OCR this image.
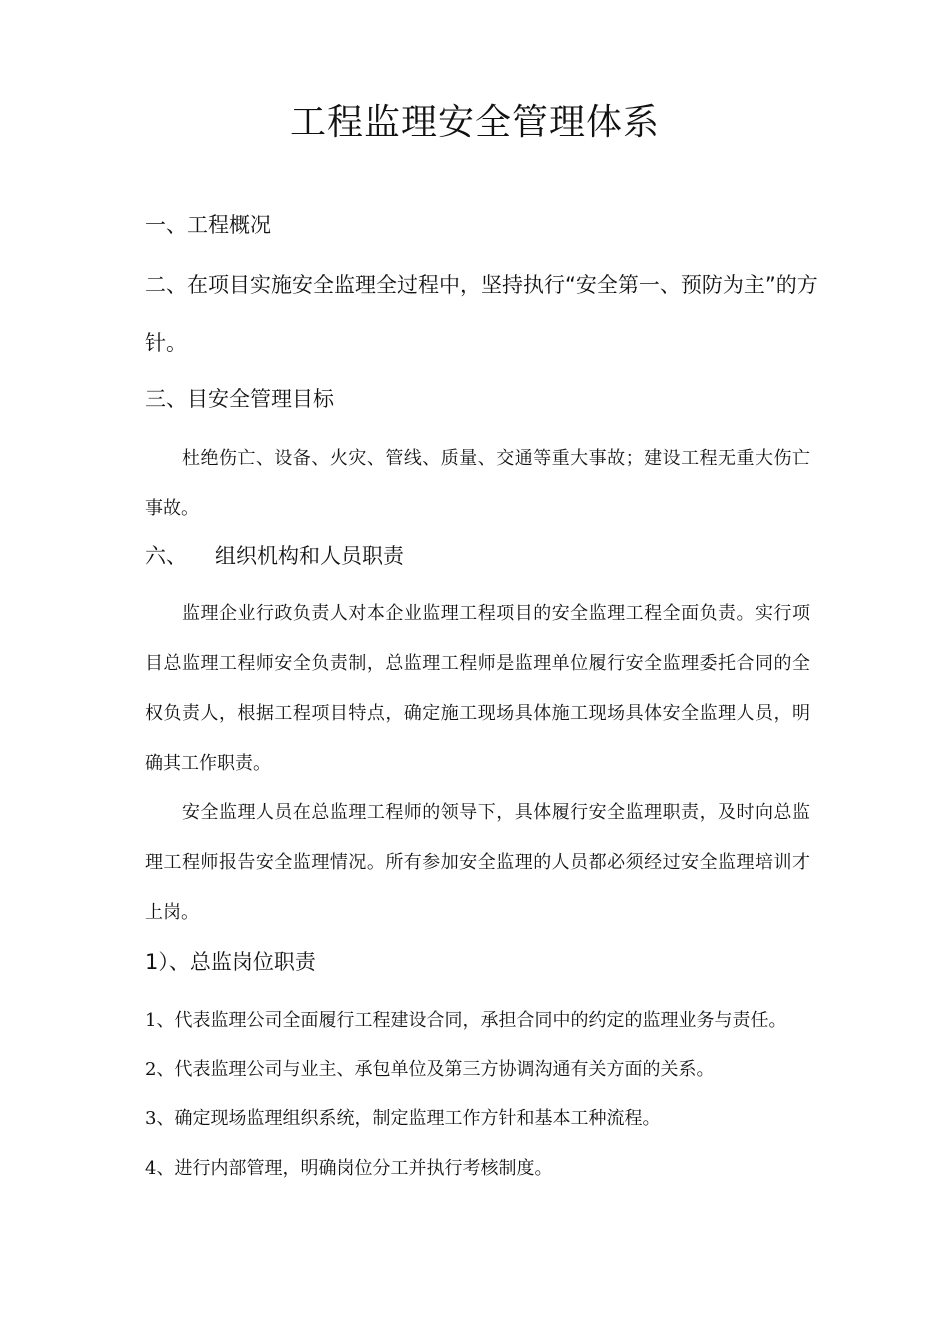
工程监理安全管理体系
一、工程概况
二、在项目实施安全监理全过程中，坚持执行“安全第一、预防为主”的方针。
三、目安全管理目标

杜绝伤亡、设备、火灾、管线、质量、交通等重大事故；建设工程无重大伤亡事故。

六、 组织机构和人员职责

监理企业行政负责人对本企业监理工程项目的安全监理工程全面负责。实行项目总监理工程师安全负责制，总监理工程师是监理单位履行安全监理委托合同的全权负责人，根据工程项目特点，确定施工现场具体施工现场具体安全监理人员，明确其工作职责。

安全监理人员在总监理工程师的领导下，具体履行安全监理职责，及时向总监理工程师报告安全监理情况。所有参加安全监理的人员都必须经过安全监理培训才上岗。

1）、总监岗位职责

1、代表监理公司全面履行工程建设合同，承担合同中的约定的监理业务与责任。

2、代表监理公司与业主、承包单位及第三方协调沟通有关方面的关系。

3、确定现场监理组织系统，制定监理工作方针和基本工种流程。

4、进行内部管理，明确岗位分工并执行考核制度。
